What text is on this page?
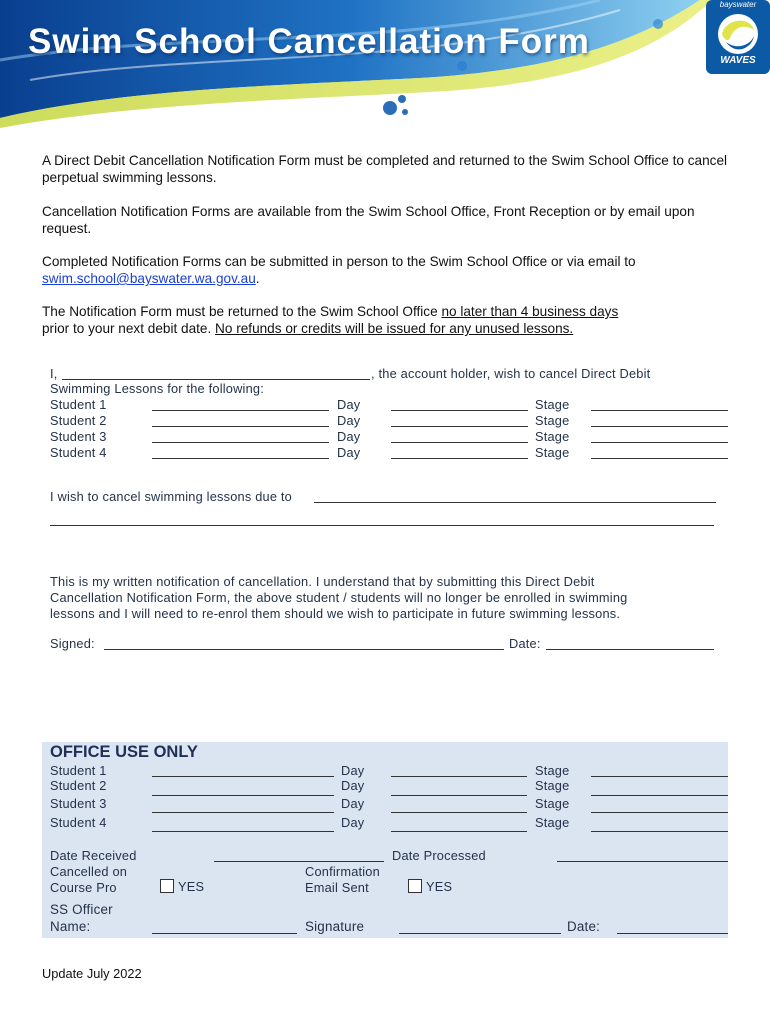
Swim School Cancellation Form
bayswater
WAVES
A Direct Debit Cancellation Notification Form must be completed and returned to the Swim School Office to cancel perpetual swimming lessons.
Cancellation Notification Forms are available from the Swim School Office, Front Reception or by email upon request.
Completed Notification Forms can be submitted in person to the Swim School Office or via email to
swim.school@bayswater.wa.gov.au.
The Notification Form must be returned to the Swim School Office no later than 4 business days
prior to your next debit date. No refunds or credits will be issued for any unused lessons.
I,	, the account holder, wish to cancel Direct Debit
Swimming Lessons for the following:
Student 1	Day	Stage
Student 2	Day	Stage
Student 3	Day	Stage
Student 4	Day	Stage
I wish to cancel swimming lessons due to
This is my written notification of cancellation. I understand that by submitting this Direct Debit
Cancellation Notification Form, the above student / students will no longer be enrolled in swimming
lessons and I will need to re-enrol them should we wish to participate in future swimming lessons.
Signed:	Date:
OFFICE USE ONLY
Student 1	Day	Stage
Student 2	Day	Stage
Student 3	Day	Stage
Student 4	Day	Stage
Date Received	Date Processed
Cancelled on
Course Pro	YES
Confirmation
Email Sent	YES
SS Officer
Name:	Signature	Date:
Update July 2022
